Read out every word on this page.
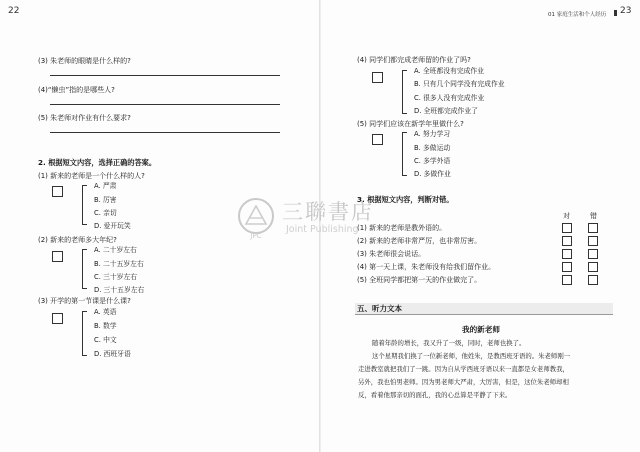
22
(3) 朱老师的眼睛是什么样的?
(4)“懒虫”指的是哪些人?
(5) 朱老师对作业有什么要求?
2. 根据短文内容，选择正确的答案。
(1) 新来的老师是一个什么样的人?
A. 严肃
B. 厉害
C. 亲切
D. 爱开玩笑
(2) 新来的老师多大年纪?
A. 二十岁左右
B. 二十五岁左右
C. 三十岁左右
D. 三十五岁左右
(3) 开学的第一节课是什么课?
A. 英语
B. 数学
C. 中文
D. 西班牙语
01 家庭生活和个人经历 23
(4) 同学们都完成老师留的作业了吗?
A. 全班都没有完成作业
B. 只有几个同学没有完成作业
C. 很多人没有完成作业
D. 全班都完成作业了
(5) 同学们应该在新学年里做什么?
A. 努力学习
B. 多做运动
C. 多学外语
D. 多做作业
3. 根据短文内容，判断对错。
对	错
(1) 新来的老师是教外语的。
(2) 新来的老师非常严厉，也非常厉害。
(3) 朱老师很会说话。
(4) 第一天上课，朱老师没有给我们留作业。
(5) 全班同学都把第一天的作业做完了。
五、听力文本
我的新老师
随着年龄的增长，我又升了一级，同时，老师也换了。
这个星期我们换了一位新老师，他姓朱，是教西班牙语的。朱老师刚一
走进教室就把我们了一跳。因为自从学西班牙语以来一直都是女老师教我，
另外，我也怕男老师。因为男老师大严肃，大厉害，但是，这位朱老师却相
反，看着他那亲切的面孔，我的心总算是平静了下来。
JPC
三聯書店
Joint Publishing
